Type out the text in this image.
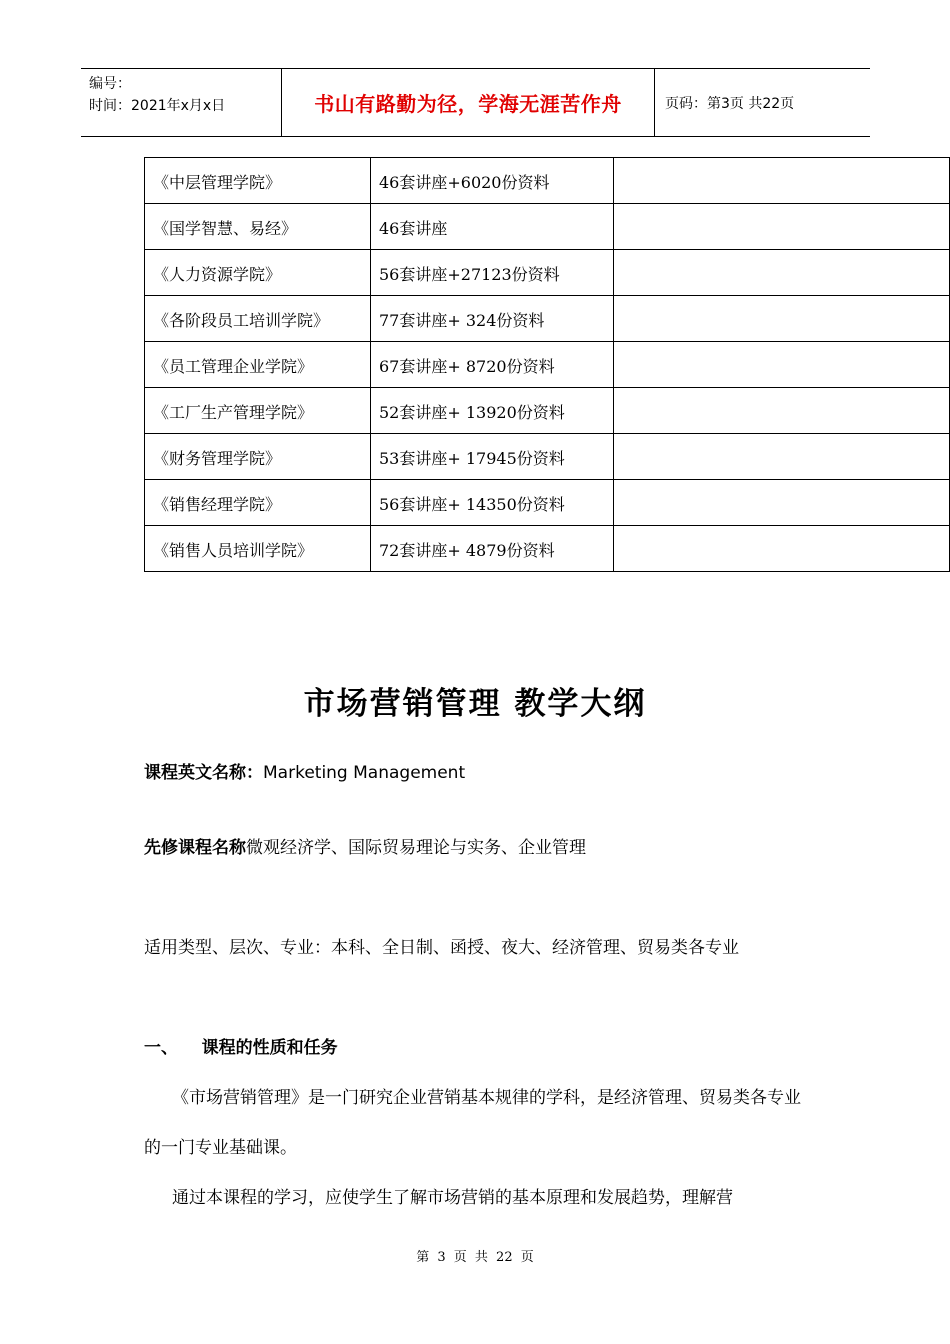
编号：
时间：2021年x月x日	书山有路勤为径，学海无涯苦作舟	页码：第3页 共22页
《中层管理学院》	46套讲座+6020份资料	
《国学智慧、易经》	46套讲座	
《人力资源学院》	56套讲座+27123份资料	
《各阶段员工培训学院》	77套讲座+ 324份资料	
《员工管理企业学院》	67套讲座+ 8720份资料	
《工厂生产管理学院》	52套讲座+ 13920份资料	
《财务管理学院》	53套讲座+ 17945份资料	
《销售经理学院》	56套讲座+ 14350份资料	
《销售人员培训学院》	72套讲座+ 4879份资料	
市场营销管理 教学大纲
课程英文名称：Marketing Management
先修课程名称微观经济学、国际贸易理论与实务、企业管理
适用类型、层次、专业：本科、全日制、函授、夜大、经济管理、贸易类各专业
一、    课程的性质和任务
《市场营销管理》是一门研究企业营销基本规律的学科，是经济管理、贸易类各专业的一门专业基础课。
通过本课程的学习，应使学生了解市场营销的基本原理和发展趋势，理解营
第 3 页 共 22 页
